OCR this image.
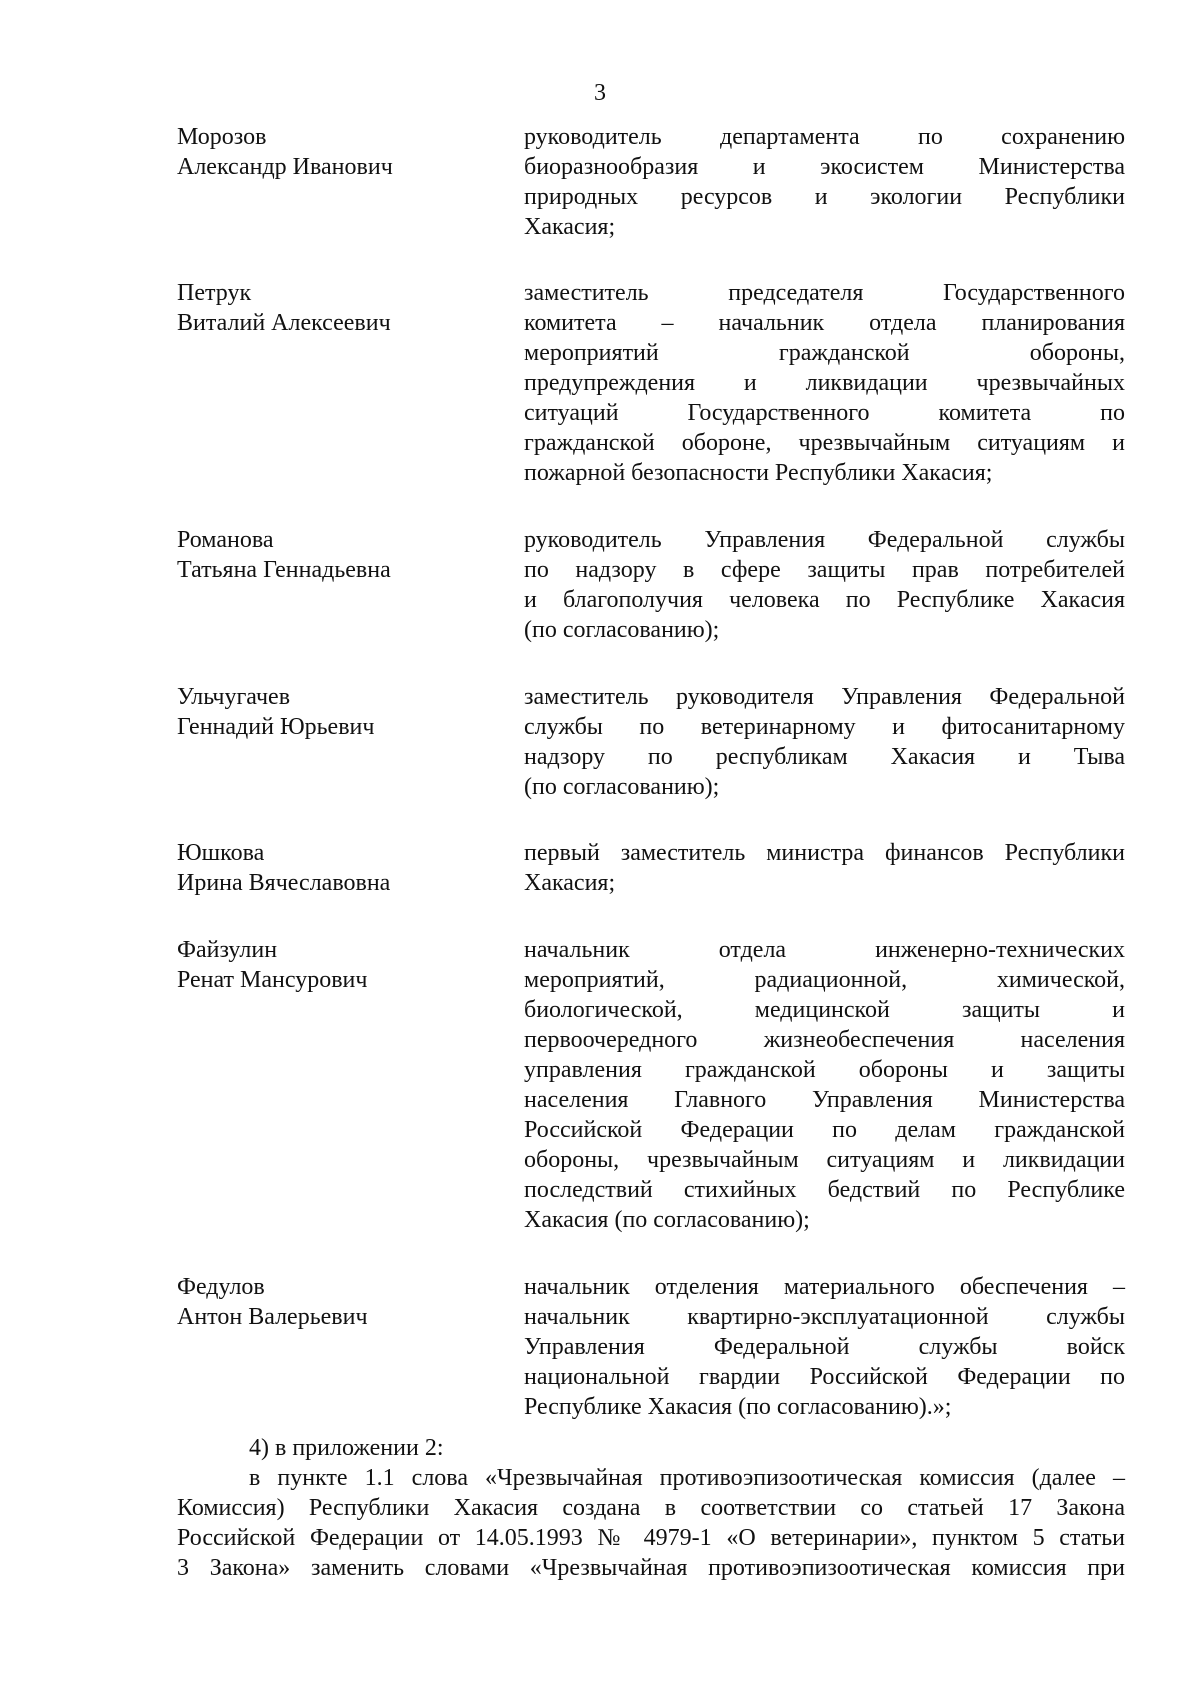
3
Морозов
Александр Иванович
руководитель департамента по сохранению
биоразнообразия и экосистем Министерства
природных ресурсов и экологии Республики
Хакасия;
Петрук
Виталий Алексеевич
заместитель председателя Государственного
комитета – начальник отдела планирования
мероприятий гражданской обороны,
предупреждения и ликвидации чрезвычайных
ситуаций Государственного комитета по
гражданской обороне, чрезвычайным ситуациям и
пожарной безопасности Республики Хакасия;
Романова
Татьяна Геннадьевна
руководитель Управления Федеральной службы
по надзору в сфере защиты прав потребителей
и благополучия человека по Республике Хакасия
(по согласованию);
Ульчугачев
Геннадий Юрьевич
заместитель руководителя Управления Федеральной
службы по ветеринарному и фитосанитарному
надзору по республикам Хакасия и Тыва
(по согласованию);
Юшкова
Ирина Вячеславовна
первый заместитель министра финансов Республики
Хакасия;
Файзулин
Ренат Мансурович
начальник отдела инженерно-технических
мероприятий, радиационной, химической,
биологической, медицинской защиты и
первоочередного жизнеобеспечения населения
управления гражданской обороны и защиты
населения Главного Управления Министерства
Российской Федерации по делам гражданской
обороны, чрезвычайным ситуациям и ликвидации
последствий стихийных бедствий по Республике
Хакасия (по согласованию);
Федулов
Антон Валерьевич
начальник отделения материального обеспечения –
начальник квартирно-эксплуатационной службы
Управления Федеральной службы войск
национальной гвардии Российской Федерации по
Республике Хакасия (по согласованию).»;
4) в приложении 2:
в пункте 1.1 слова «Чрезвычайная противоэпизоотическая комиссия (далее –
Комиссия) Республики Хакасия создана в соответствии со статьей 17 Закона
Российской Федерации от 14.05.1993 № 4979-1 «О ветеринарии», пунктом 5 статьи
3 Закона» заменить словами «Чрезвычайная противоэпизоотическая комиссия при
